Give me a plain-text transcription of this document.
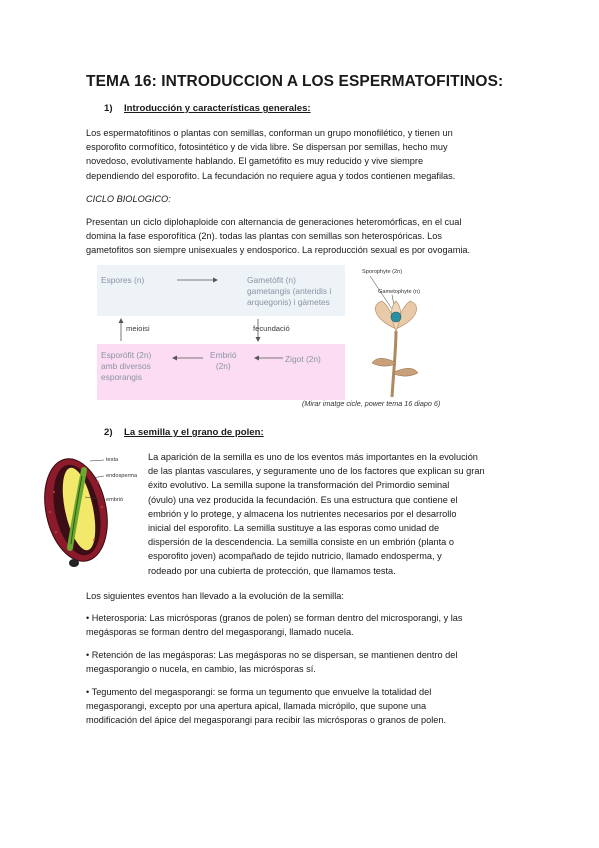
TEMA 16: INTRODUCCION A LOS ESPERMATOFITINOS:
1) Introducción y características generales:
Los espermatofitinos o plantas con semillas, conforman un grupo monofilético, y tienen un
esporofito cormofítico, fotosintético y de vida libre. Se dispersan por semillas, hecho muy
novedoso, evolutivamente hablando. El gametófito es muy reducido y vive siempre
dependiendo del esporofito. La fecundación no requiere agua y todos contienen megafilas.
CICLO BIOLOGICO:
Presentan un ciclo diplohaploide con alternancia de generaciones heteromórficas, en el cual
domina la fase esporofítica (2n). todas las plantas con semillas son heterospóricas. Los
gametofitos son siempre unisexuales y endosporico. La reproducción sexual es por ovogamia.
Espores (n)	Gametòfit (n)
gametangis (anteridis i
arquegonis) i gàmetes
meioisi	fecundació
Esporòfit (2n)
amb diversos
esporangis
Embrió
(2n)
Zigot (2n)
Sporophyte (2n)
Gametophyte (n)
(Mirar imatge cicle, power tema 16 diapo 6)
2) La semilla y el grano de polen:
testa
endosperma
embrió
La aparición de la semilla es uno de los eventos más importantes en la evolución
de las plantas vasculares, y seguramente uno de los factores que explican su gran
éxito evolutivo. La semilla supone la transformación del Primordio seminal
(óvulo) una vez producida la fecundación. Es una estructura que contiene el
embrión y lo protege, y almacena los nutrientes necesarios por el desarrollo
inicial del esporofito. La semilla sustituye a las esporas como unidad de
dispersión de la descendencia. La semilla consiste en un embrión (planta o
esporofito joven) acompañado de tejido nutricio, llamado endosperma, y
rodeado por una cubierta de protección, que llamamos testa.
Los siguientes eventos han llevado a la evolución de la semilla:
• Heterosporia: Las micrósporas (granos de polen) se forman dentro del microsporangi, y las
megásporas se forman dentro del megasporangi, llamado nucela.
• Retención de las megásporas: Las megásporas no se dispersan, se mantienen dentro del
megasporangio o nucela, en cambio, las micrósporas sí.
• Tegumento del megasporangi: se forma un tegumento que envuelve la totalidad del
megasporangi, excepto por una apertura apical, llamada micrópilo, que supone una
modificación del ápice del megasporangi para recibir las micrósporas o granos de polen.
